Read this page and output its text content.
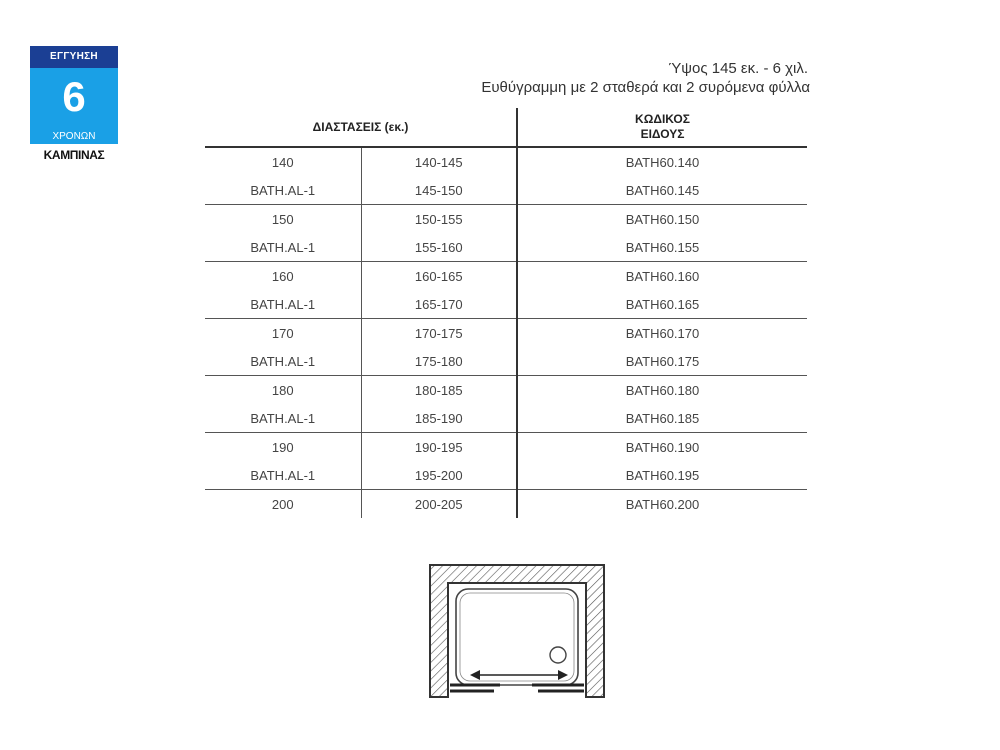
ΕΓΓΥΗΣΗ
6
ΧΡΟΝΩΝ
ΚΑΜΠΙΝΑΣ
Ύψος 145 εκ. - 6 χιλ.
Ευθύγραμμη με 2 σταθερά και 2 συρόμενα φύλλα
ΔΙΑΣΤΑΣΕΙΣ (εκ.)		ΚΩΔΙΚΟΣ
ΕΙΔΟΥΣ
140	140-145	BATH60.140
BATH.AL-1	145-150	BATH60.145
150	150-155	BATH60.150
BATH.AL-1	155-160	BATH60.155
160	160-165	BATH60.160
BATH.AL-1	165-170	BATH60.165
170	170-175	BATH60.170
BATH.AL-1	175-180	BATH60.175
180	180-185	BATH60.180
BATH.AL-1	185-190	BATH60.185
190	190-195	BATH60.190
BATH.AL-1	195-200	BATH60.195
200	200-205	BATH60.200
